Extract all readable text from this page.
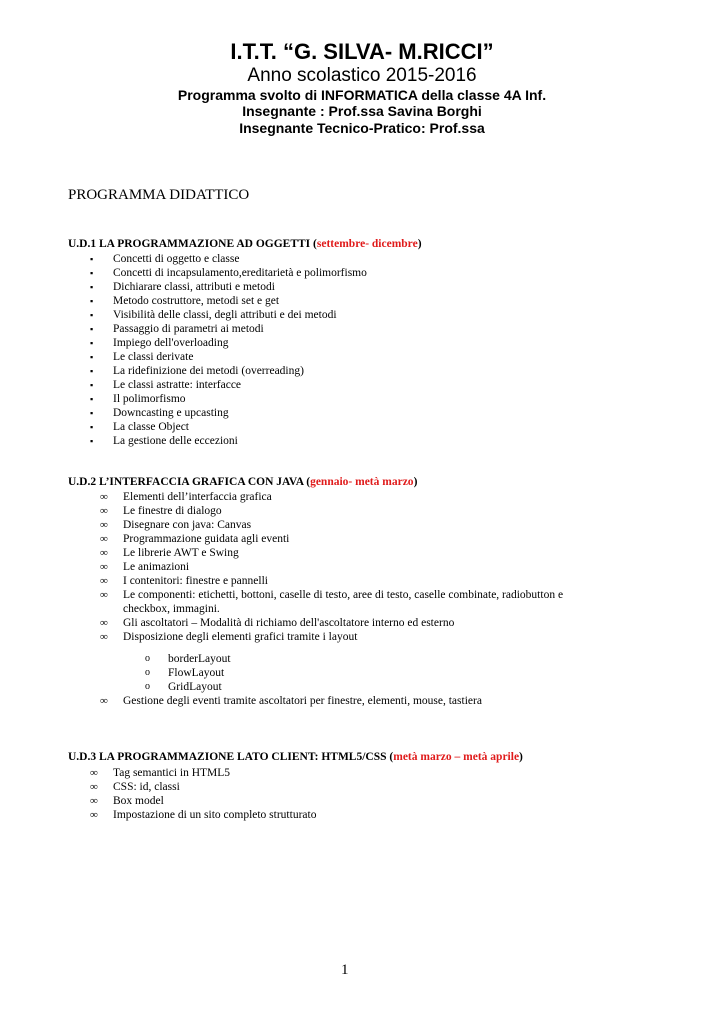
I.T.T. “G. SILVA- M.RICCI”
Anno scolastico 2015-2016
Programma svolto di INFORMATICA della classe 4A Inf.
Insegnante : Prof.ssa Savina Borghi
Insegnante Tecnico-Pratico: Prof.ssa
PROGRAMMA DIDATTICO
U.D.1 LA PROGRAMMAZIONE AD OGGETTI (settembre- dicembre)
▪ Concetti di oggetto e classe
▪ Concetti di incapsulamento,ereditarietà e polimorfismo
▪ Dichiarare classi, attributi e metodi
▪ Metodo costruttore, metodi set e get
▪ Visibilità delle classi, degli attributi e dei metodi
▪ Passaggio di parametri ai metodi
▪ Impiego dell'overloading
▪ Le classi derivate
▪ La ridefinizione dei metodi (overreading)
▪ Le classi astratte: interfacce
▪ Il polimorfismo
▪ Downcasting e upcasting
▪ La classe Object
▪ La gestione delle eccezioni
U.D.2 L’INTERFACCIA GRAFICA CON JAVA (gennaio- metà marzo)
∞ Elementi dell’interfaccia grafica
∞ Le finestre di dialogo
∞ Disegnare con java: Canvas
∞ Programmazione guidata agli eventi
∞ Le librerie AWT e Swing
∞ Le animazioni
∞ I contenitori: finestre e pannelli
∞ Le componenti: etichetti, bottoni, caselle di testo, aree di testo, caselle combinate, radiobutton e
checkbox, immagini.
∞ Gli ascoltatori – Modalità di richiamo dell'ascoltatore interno ed esterno
∞ Disposizione degli elementi grafici tramite i layout
o borderLayout
o FlowLayout
o GridLayout
∞ Gestione degli eventi tramite ascoltatori per finestre, elementi, mouse, tastiera
U.D.3 LA PROGRAMMAZIONE LATO CLIENT: HTML5/CSS (metà marzo – metà aprile)
∞ Tag semantici in HTML5
∞ CSS: id, classi
∞ Box model
∞ Impostazione di un sito completo strutturato
1
